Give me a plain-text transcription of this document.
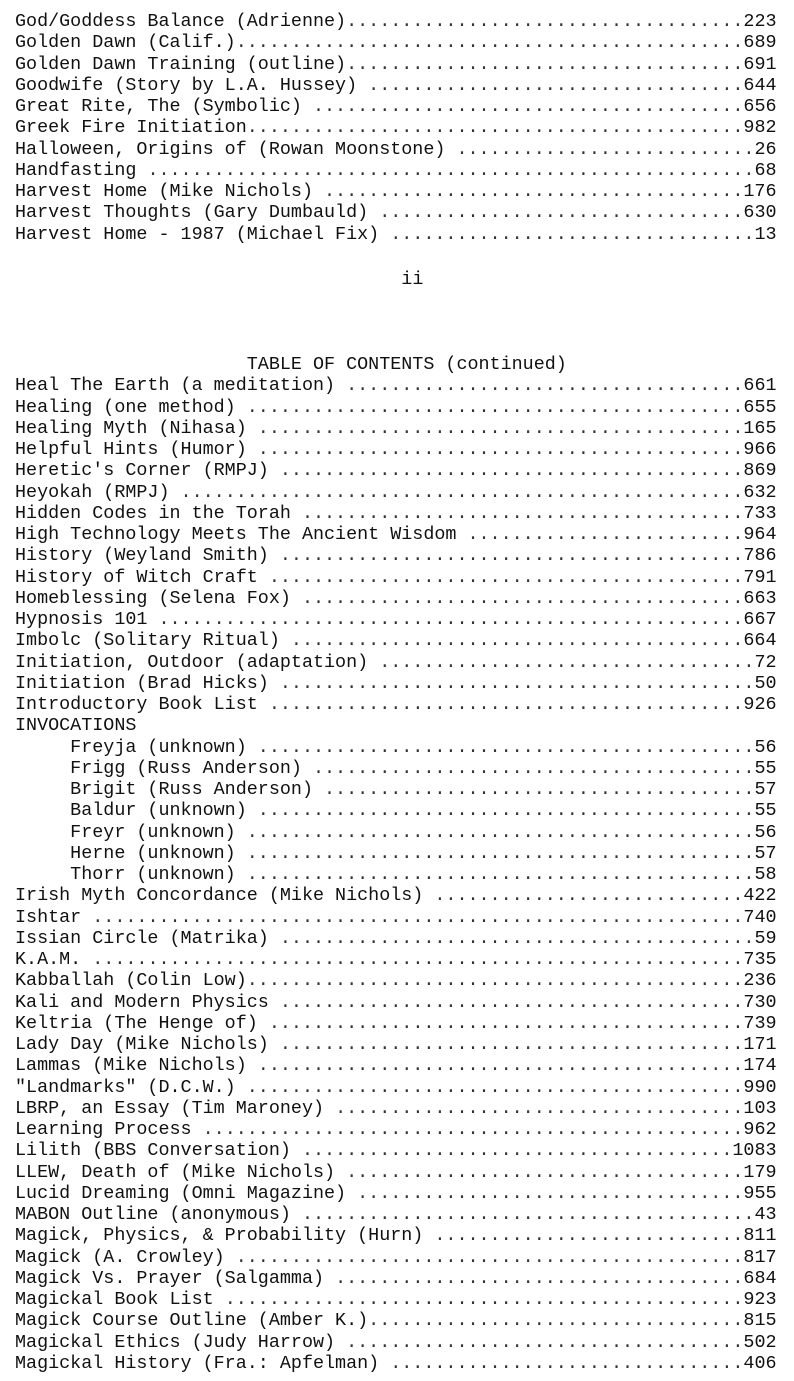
God/Goddess Balance (Adrienne)....................................223
Golden Dawn (Calif.)..............................................689
Golden Dawn Training (outline)....................................691
Goodwife (Story by L.A. Hussey) ..................................644
Great Rite, The (Symbolic) .......................................656
Greek Fire Initiation.............................................982
Halloween, Origins of (Rowan Moonstone) ...........................26
Handfasting .......................................................68
Harvest Home (Mike Nichols) ......................................176
Harvest Thoughts (Gary Dumbauld) .................................630
Harvest Home - 1987 (Michael Fix) .................................13
ii
TABLE OF CONTENTS (continued)
Heal The Earth (a meditation) ....................................661
Healing (one method) .............................................655
Healing Myth (Nihasa) ............................................165
Helpful Hints (Humor) ............................................966
Heretic's Corner (RMPJ) ..........................................869
Heyokah (RMPJ) ...................................................632
Hidden Codes in the Torah ........................................733
High Technology Meets The Ancient Wisdom .........................964
History (Weyland Smith) ..........................................786
History of Witch Craft ...........................................791
Homeblessing (Selena Fox) ........................................663
Hypnosis 101 .....................................................667
Imbolc (Solitary Ritual) .........................................664
Initiation, Outdoor (adaptation) ..................................72
Initiation (Brad Hicks) ...........................................50
Introductory Book List ...........................................926
INVOCATIONS
Freyja (unknown) .............................................56
Frigg (Russ Anderson) ........................................55
Brigit (Russ Anderson) .......................................57
Baldur (unknown) .............................................55
Freyr (unknown) ..............................................56
Herne (unknown) ..............................................57
Thorr (unknown) ..............................................58
Irish Myth Concordance (Mike Nichols) ............................422
Ishtar ...........................................................740
Issian Circle (Matrika) ...........................................59
K.A.M. ...........................................................735
Kabballah (Colin Low).............................................236
Kali and Modern Physics ..........................................730
Keltria (The Henge of) ...........................................739
Lady Day (Mike Nichols) ..........................................171
Lammas (Mike Nichols) ............................................174
"Landmarks" (D.C.W.) .............................................990
LBRP, an Essay (Tim Maroney) .....................................103
Learning Process .................................................962
Lilith (BBS Conversation) .......................................1083
LLEW, Death of (Mike Nichols) ....................................179
Lucid Dreaming (Omni Magazine) ...................................955
MABON Outline (anonymous) .........................................43
Magick, Physics, & Probability (Hurn) ............................811
Magick (A. Crowley) ..............................................817
Magick Vs. Prayer (Salgamma) .....................................684
Magickal Book List ...............................................923
Magick Course Outline (Amber K.)..................................815
Magickal Ethics (Judy Harrow) ....................................502
Magickal History (Fra.: Apfelman) ................................406
